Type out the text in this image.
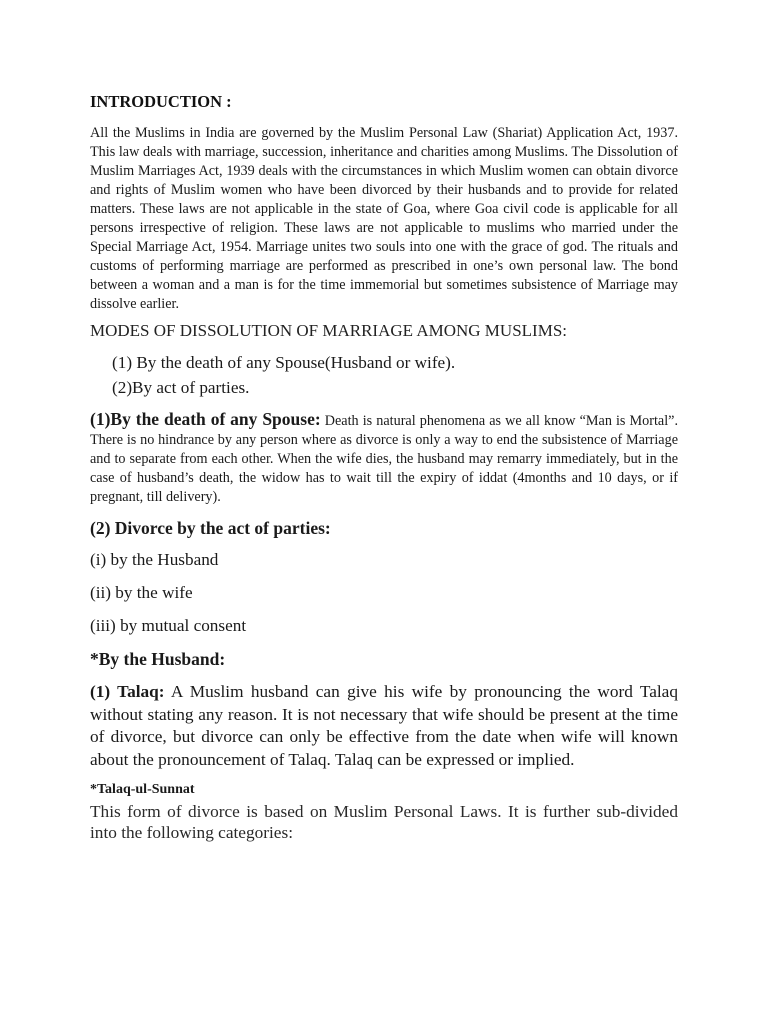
INTRODUCTION :

All the Muslims in India are governed by the Muslim Personal Law (Shariat) Application Act, 1937. This law deals with marriage, succession, inheritance and charities among Muslims. The Dissolution of Muslim Marriages Act, 1939 deals with the circumstances in which Muslim women can obtain divorce and rights of Muslim women who have been divorced by their husbands and to provide for related matters. These laws are not applicable in the state of Goa, where Goa civil code is applicable for all persons irrespective of religion. These laws are not applicable to muslims who married under the Special Marriage Act, 1954. Marriage unites two souls into one with the grace of god. The rituals and customs of performing marriage are performed as prescribed in one’s own personal law. The bond between a woman and a man is for the time immemorial but sometimes subsistence of Marriage may dissolve earlier.

MODES OF DISSOLUTION OF MARRIAGE AMONG MUSLIMS:
(1) By the death of any Spouse(Husband or wife).
(2)By act of parties.

(1)By the death of any Spouse: Death is natural phenomena as we all know “Man is Mortal”. There is no hindrance by any person where as divorce is only a way to end the subsistence of Marriage and to separate from each other. When the wife dies, the husband may remarry immediately, but in the case of husband’s death, the widow has to wait till the expiry of iddat (4months and 10 days, or if pregnant, till delivery).

(2) Divorce by the act of parties:
(i) by the Husband
(ii) by the wife
(iii) by mutual consent
*By the Husband:

(1) Talaq: A Muslim husband can give his wife by pronouncing the word Talaq without stating any reason. It is not necessary that wife should be present at the time of divorce, but divorce can only be effective from the date when wife will known about the pronouncement of Talaq. Talaq can be expressed or implied.

*Talaq-ul-Sunnat

This form of divorce is based on Muslim Personal Laws. It is further sub-divided into the following categories:
